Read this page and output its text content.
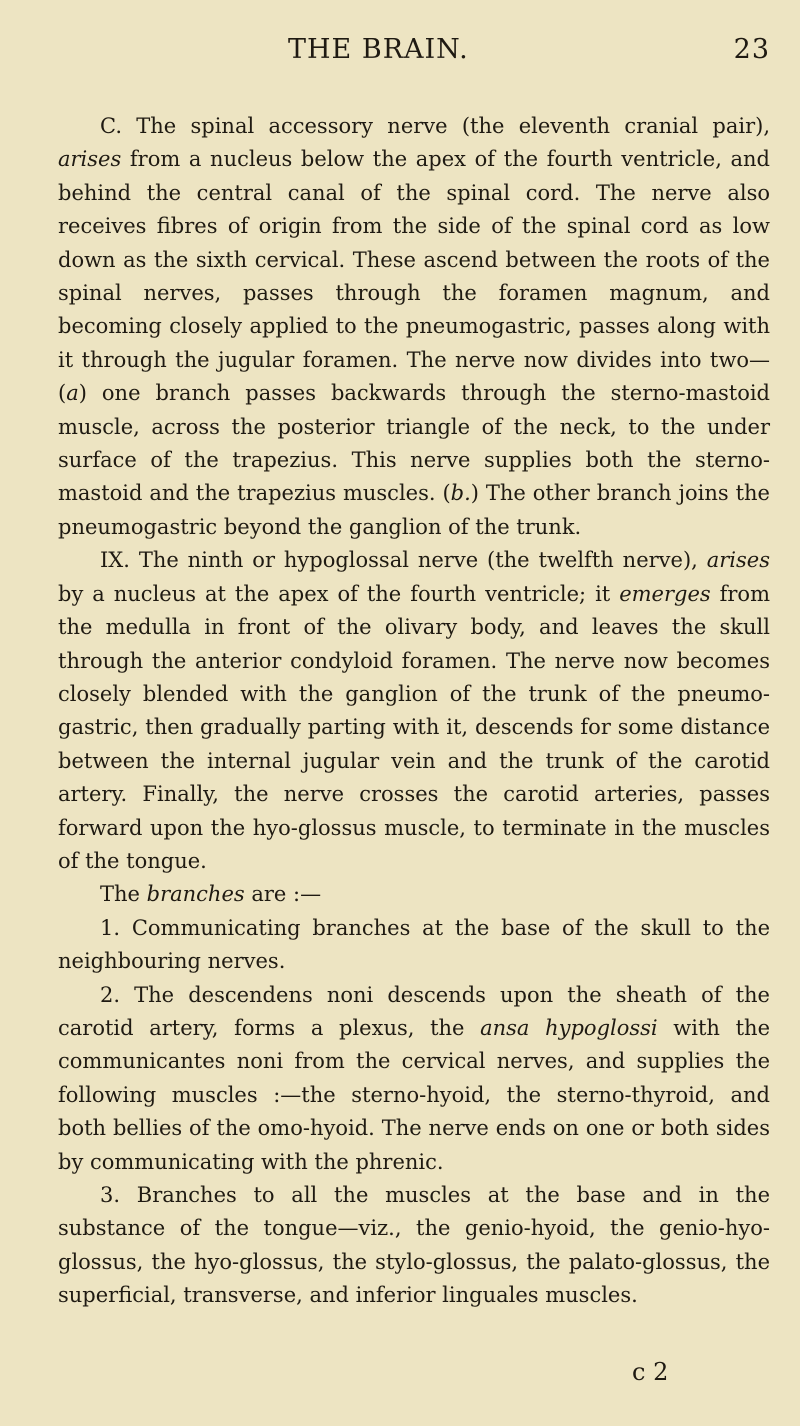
THE BRAIN.	23

C. The spinal accessory nerve (the eleventh cranial pair), arises from a nucleus below the apex of the fourth ventricle, and behind the central canal of the spinal cord. The nerve also receives fibres of origin from the side of the spinal cord as low down as the sixth cervical. These ascend between the roots of the spinal nerves, passes through the foramen magnum, and becoming closely applied to the pneumogastric, passes along with it through the jugular foramen. The nerve now divides into two—(a) one branch passes backwards through the sterno-mastoid muscle, across the posterior triangle of the neck, to the under surface of the trapezius. This nerve supplies both the sterno-mastoid and the trapezius muscles. (b.) The other branch joins the pneumogastric beyond the ganglion of the trunk.

IX. The ninth or hypoglossal nerve (the twelfth nerve), arises by a nucleus at the apex of the fourth ventricle; it emerges from the medulla in front of the olivary body, and leaves the skull through the anterior condyloid foramen. The nerve now becomes closely blended with the ganglion of the trunk of the pneumo-gastric, then gradually parting with it, descends for some distance between the internal jugular vein and the trunk of the carotid artery. Finally, the nerve crosses the carotid arteries, passes forward upon the hyo-glossus muscle, to terminate in the muscles of the tongue.

The branches are :—

1. Communicating branches at the base of the skull to the neighbouring nerves.

2. The descendens noni descends upon the sheath of the carotid artery, forms a plexus, the ansa hypoglossi with the communicantes noni from the cervical nerves, and supplies the following muscles :—the sterno-hyoid, the sterno-thyroid, and both bellies of the omo-hyoid. The nerve ends on one or both sides by communicating with the phrenic.

3. Branches to all the muscles at the base and in the substance of the tongue—viz., the genio-hyoid, the genio-hyo-glossus, the hyo-glossus, the stylo-glossus, the palato-glossus, the superficial, transverse, and inferior linguales muscles.

c 2
